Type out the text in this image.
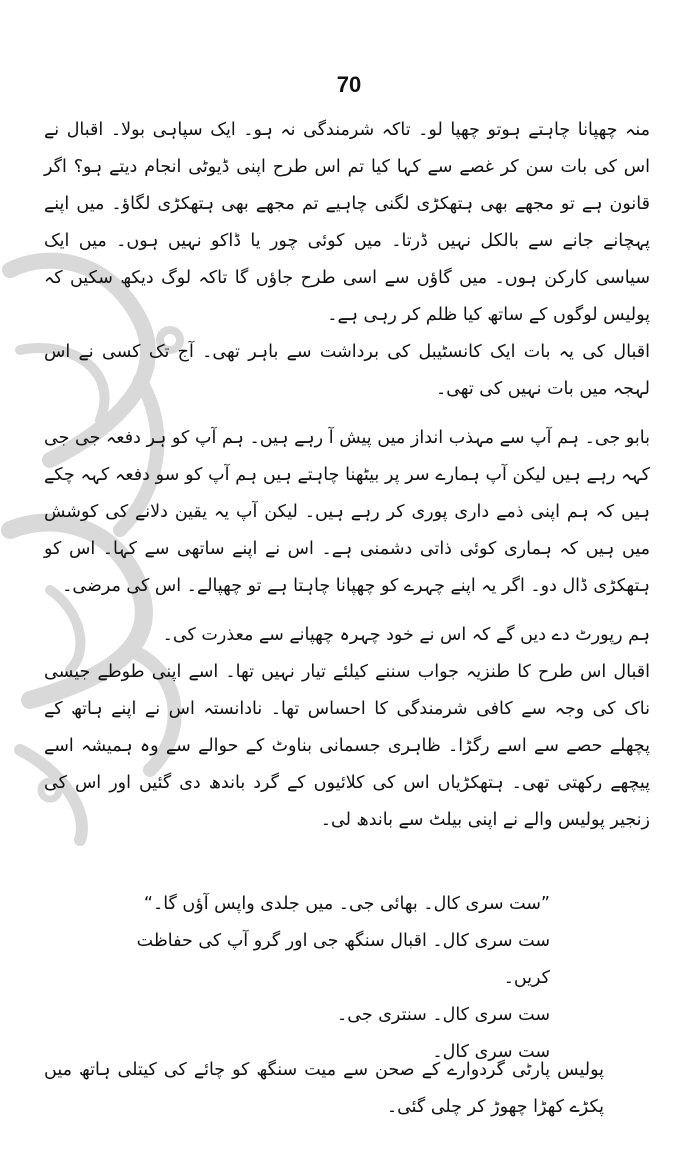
70

منہ چھپانا چاہتے ہوتو چھپا لو۔ تاکہ شرمندگی نہ ہو۔ ایک سپاہی بولا۔ اقبال نے اس کی بات سن کر غصے سے کہا کیا تم اس طرح اپنی ڈیوٹی انجام دیتے ہو؟ اگر قانون ہے تو مجھے بھی ہتھکڑی لگنی چاہیے تم مجھے بھی ہتھکڑی لگاؤ۔ میں اپنے پہچانے جانے سے بالکل نہیں ڈرتا۔ میں کوئی چور یا ڈاکو نہیں ہوں۔ میں ایک سیاسی کارکن ہوں۔ میں گاؤں سے اسی طرح جاؤں گا تاکہ لوگ دیکھ سکیں کہ پولیس لوگوں کے ساتھ کیا ظلم کر رہی ہے۔

اقبال کی یہ بات ایک کانسٹیبل کی برداشت سے باہر تھی۔ آج تک کسی نے اس لہجہ میں بات نہیں کی تھی۔

بابو جی۔ ہم آپ سے مہذب انداز میں پیش آ رہے ہیں۔ ہم آپ کو ہر دفعہ جی جی کہہ رہے ہیں لیکن آپ ہمارے سر پر بیٹھنا چاہتے ہیں ہم آپ کو سو دفعہ کہہ چکے ہیں کہ ہم اپنی ذمے داری پوری کر رہے ہیں۔ لیکن آپ یہ یقین دلانے کی کوشش میں ہیں کہ ہماری کوئی ذاتی دشمنی ہے۔ اس نے اپنے ساتھی سے کہا۔ اس کو ہتھکڑی ڈال دو۔ اگر یہ اپنے چہرے کو چھپانا چاہتا ہے تو چھپالے۔ اس کی مرضی۔

ہم رپورٹ دے دیں گے کہ اس نے خود چہرہ چھپانے سے معذرت کی۔

اقبال اس طرح کا طنزیہ جواب سننے کیلئے تیار نہیں تھا۔ اسے اپنی طوطے جیسی ناک کی وجہ سے کافی شرمندگی کا احساس تھا۔ نادانستہ اس نے اپنے ہاتھ کے پچھلے حصے سے اسے رگڑا۔ ظاہری جسمانی بناوٹ کے حوالے سے وہ ہمیشہ اسے پیچھے رکھتی تھی۔ ہتھکڑیاں اس کی کلائیوں کے گرد باندھ دی گئیں اور اس کی زنجیر پولیس والے نے اپنی بیلٹ سے باندھ لی۔

”ست سری کال۔ بھائی جی۔ میں جلدی واپس آؤں گا۔“

ست سری کال۔ اقبال سنگھ جی اور گرو آپ کی حفاظت کریں۔

ست سری کال۔ سنتری جی۔

ست سری کال۔

پولیس پارٹی گردوارے کے صحن سے میت سنگھ کو چائے کی کیتلی ہاتھ میں پکڑے کھڑا چھوڑ کر چلی گئی۔
